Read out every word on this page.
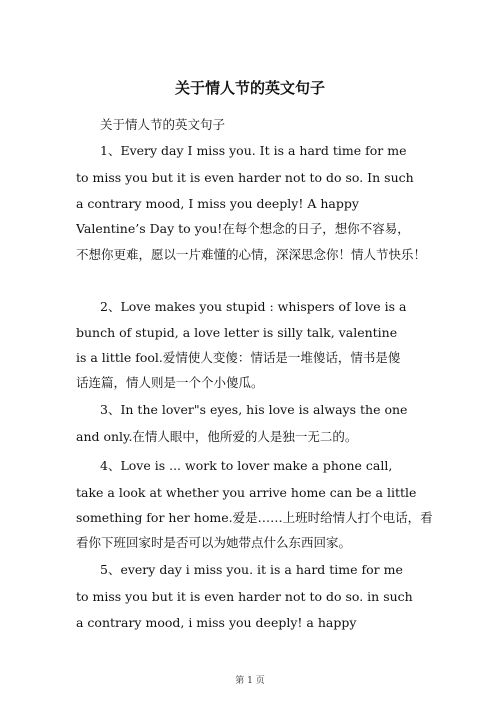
关于情人节的英文句子
关于情人节的英文句子
1、Every day I miss you. It is a hard time for me
to miss you but it is even harder not to do so. In such
a contrary mood, I miss you deeply! A happy
Valentine’s Day to you!在每个想念的日子，想你不容易，
不想你更难，愿以一片难懂的心情，深深思念你！情人节快乐！
2、Love makes you stupid : whispers of love is a
bunch of stupid, a love letter is silly talk, valentine
is a little fool.爱情使人变傻：情话是一堆傻话，情书是傻
话连篇，情人则是一个个小傻瓜。
3、In the lover"s eyes, his love is always the one
and only.在情人眼中，他所爱的人是独一无二的。
4、Love is ... work to lover make a phone call,
take a look at whether you arrive home can be a little
something for her home.爱是……上班时给情人打个电话，看
看你下班回家时是否可以为她带点什么东西回家。
5、every day i miss you. it is a hard time for me
to miss you but it is even harder not to do so. in such
a contrary mood, i miss you deeply! a happy
第 1 页
